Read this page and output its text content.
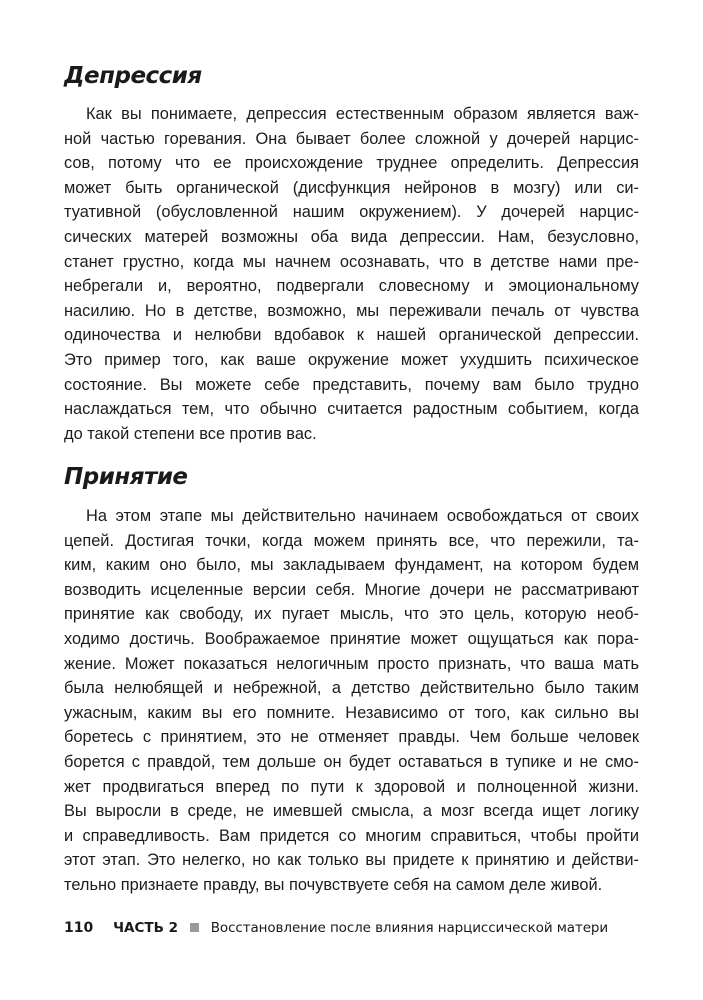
Депрессия
Как вы понимаете, депрессия естественным образом является важ-
ной частью горевания. Она бывает более сложной у дочерей нарцис-
сов, потому что ее происхождение труднее определить. Депрессия
может быть органической (дисфункция нейронов в мозгу) или си-
туативной (обусловленной нашим окружением). У дочерей нарцис-
сических матерей возможны оба вида депрессии. Нам, безусловно,
станет грустно, когда мы начнем осознавать, что в детстве нами пре-
небрегали и, вероятно, подвергали словесному и эмоциональному
насилию. Но в детстве, возможно, мы переживали печаль от чувства
одиночества и нелюбви вдобавок к нашей органической депрессии.
Это пример того, как ваше окружение может ухудшить психическое
состояние. Вы можете себе представить, почему вам было трудно
наслаждаться тем, что обычно считается радостным событием, когда
до такой степени все против вас.
Принятие
На этом этапе мы действительно начинаем освобождаться от своих
цепей. Достигая точки, когда можем принять все, что пережили, та-
ким, каким оно было, мы закладываем фундамент, на котором будем
возводить исцеленные версии себя. Многие дочери не рассматривают
принятие как свободу, их пугает мысль, что это цель, которую необ-
ходимо достичь. Воображаемое принятие может ощущаться как пора-
жение. Может показаться нелогичным просто признать, что ваша мать
была нелюбящей и небрежной, а детство действительно было таким
ужасным, каким вы его помните. Независимо от того, как сильно вы
боретесь с принятием, это не отменяет правды. Чем больше человек
борется с правдой, тем дольше он будет оставаться в тупике и не смо-
жет продвигаться вперед по пути к здоровой и полноценной жизни.
Вы выросли в среде, не имевшей смысла, а мозг всегда ищет логику
и справедливость. Вам придется со многим справиться, чтобы пройти
этот этап. Это нелегко, но как только вы придете к принятию и действи-
тельно признаете правду, вы почувствуете себя на самом деле живой.
110 ЧАСТЬ 2 Восстановление после влияния нарциссической матери
